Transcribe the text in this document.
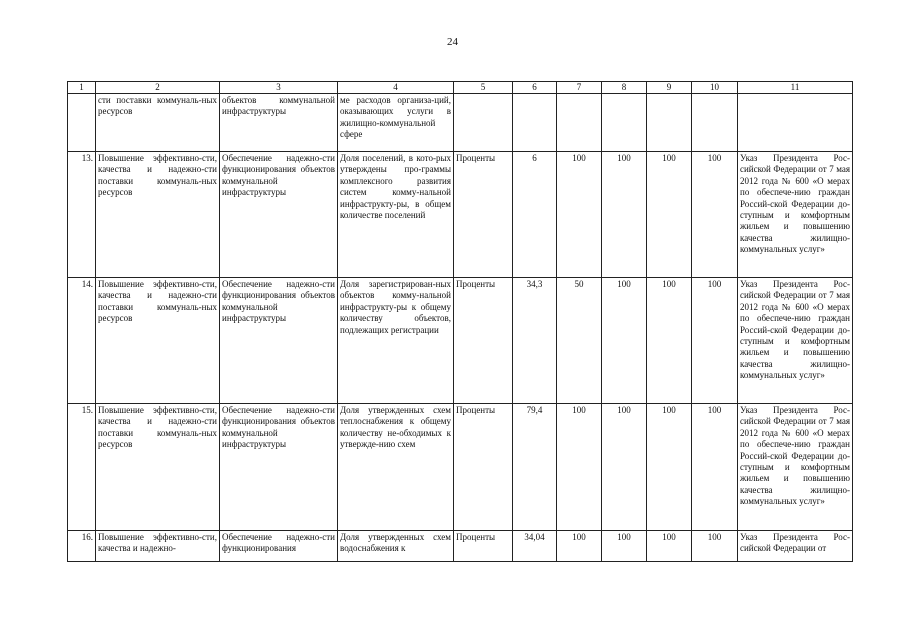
24
1	2	3	4	5	6	7	8	9	10	11
	сти поставки коммуналь-ных ресурсов	объектов коммунальной инфраструктуры	ме расходов организа-ций, оказывающих услуги в жилищно-коммунальной сфере							
13.	Повышение эффективно-сти, качества и надежно-сти поставки коммуналь-ных ресурсов	Обеспечение надежно-сти функционирования объектов коммунальной инфраструктуры	Доля поселений, в кото-рых утверждены про-граммы комплексного развития систем комму-нальной инфраструкту-ры, в общем количестве поселений	Проценты	6	100	100	100	100	Указ Президента Рос-сийской Федерации от 7 мая 2012 года № 600 «О мерах по обеспече-нию граждан Россий-ской Федерации до-ступным и комфортным жильем и повышению качества жилищно-коммунальных услуг»
14.	Повышение эффективно-сти, качества и надежно-сти поставки коммуналь-ных ресурсов	Обеспечение надежно-сти функционирования объектов коммунальной инфраструктуры	Доля зарегистрирован-ных объектов комму-нальной инфраструкту-ры к общему количеству объектов, подлежащих регистрации	Проценты	34,3	50	100	100	100	Указ Президента Рос-сийской Федерации от 7 мая 2012 года № 600 «О мерах по обеспече-нию граждан Россий-ской Федерации до-ступным и комфортным жильем и повышению качества жилищно-коммунальных услуг»
15.	Повышение эффективно-сти, качества и надежно-сти поставки коммуналь-ных ресурсов	Обеспечение надежно-сти функционирования объектов коммунальной инфраструктуры	Доля утвержденных схем теплоснабжения к общему количеству не-обходимых к утвержде-нию схем	Проценты	79,4	100	100	100	100	Указ Президента Рос-сийской Федерации от 7 мая 2012 года № 600 «О мерах по обеспече-нию граждан Россий-ской Федерации до-ступным и комфортным жильем и повышению качества жилищно-коммунальных услуг»
16.	Повышение эффективно-сти, качества и надежно-	Обеспечение надежно-сти функционирования	Доля утвержденных схем водоснабжения к	Проценты	34,04	100	100	100	100	Указ Президента Рос-сийской Федерации от
